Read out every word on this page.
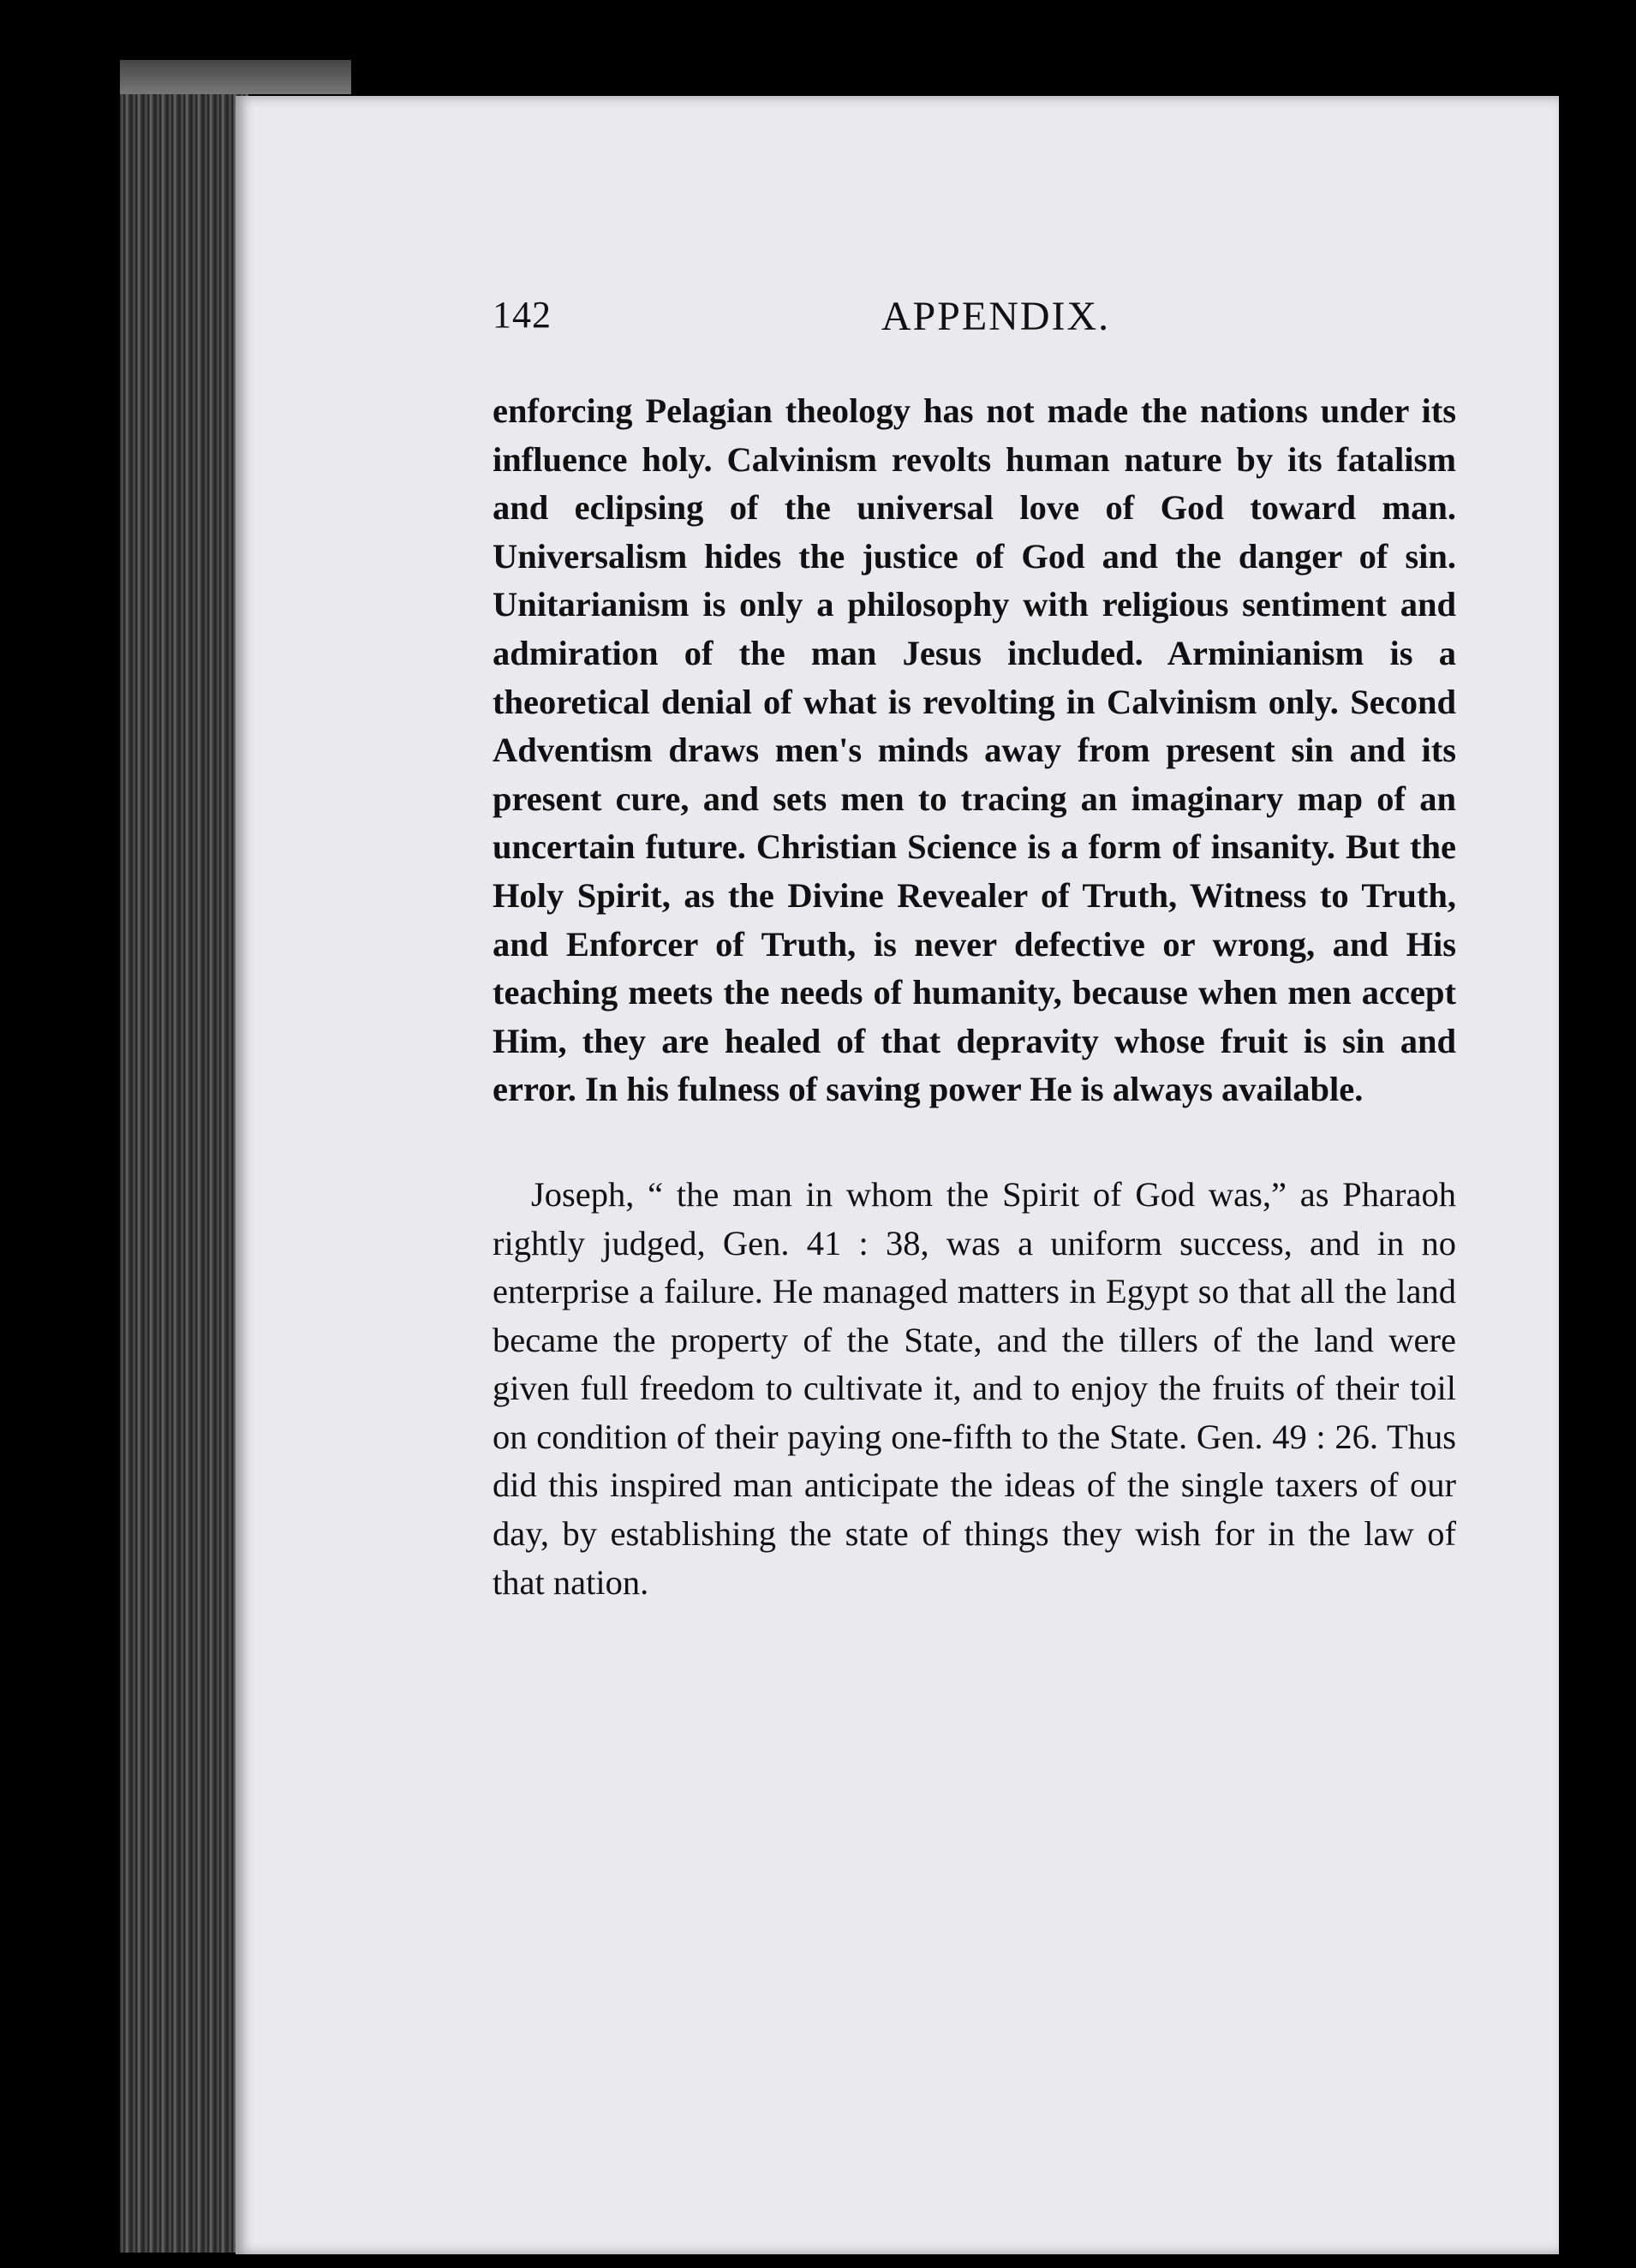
142	APPENDIX.

enforcing Pelagian theology has not made the nations under its influence holy. Calvinism revolts human nature by its fatalism and eclipsing of the universal love of God toward man. Universalism hides the justice of God and the danger of sin. Unitarianism is only a philosophy with religious sentiment and admiration of the man Jesus included. Arminianism is a theoretical denial of what is revolting in Calvinism only. Second Adventism draws men's minds away from present sin and its present cure, and sets men to tracing an imaginary map of an uncertain future. Christian Science is a form of insanity. But the Holy Spirit, as the Divine Revealer of Truth, Witness to Truth, and Enforcer of Truth, is never defective or wrong, and His teaching meets the needs of humanity, because when men accept Him, they are healed of that depravity whose fruit is sin and error. In his fulness of saving power He is always available.

Joseph, “ the man in whom the Spirit of God was,” as Pharaoh rightly judged, Gen. 41 : 38, was a uniform success, and in no enterprise a failure. He managed matters in Egypt so that all the land became the property of the State, and the tillers of the land were given full freedom to cultivate it, and to enjoy the fruits of their toil on condition of their paying one-fifth to the State. Gen. 49 : 26. Thus did this inspired man anticipate the ideas of the single taxers of our day, by establishing the state of things they wish for in the law of that nation.
